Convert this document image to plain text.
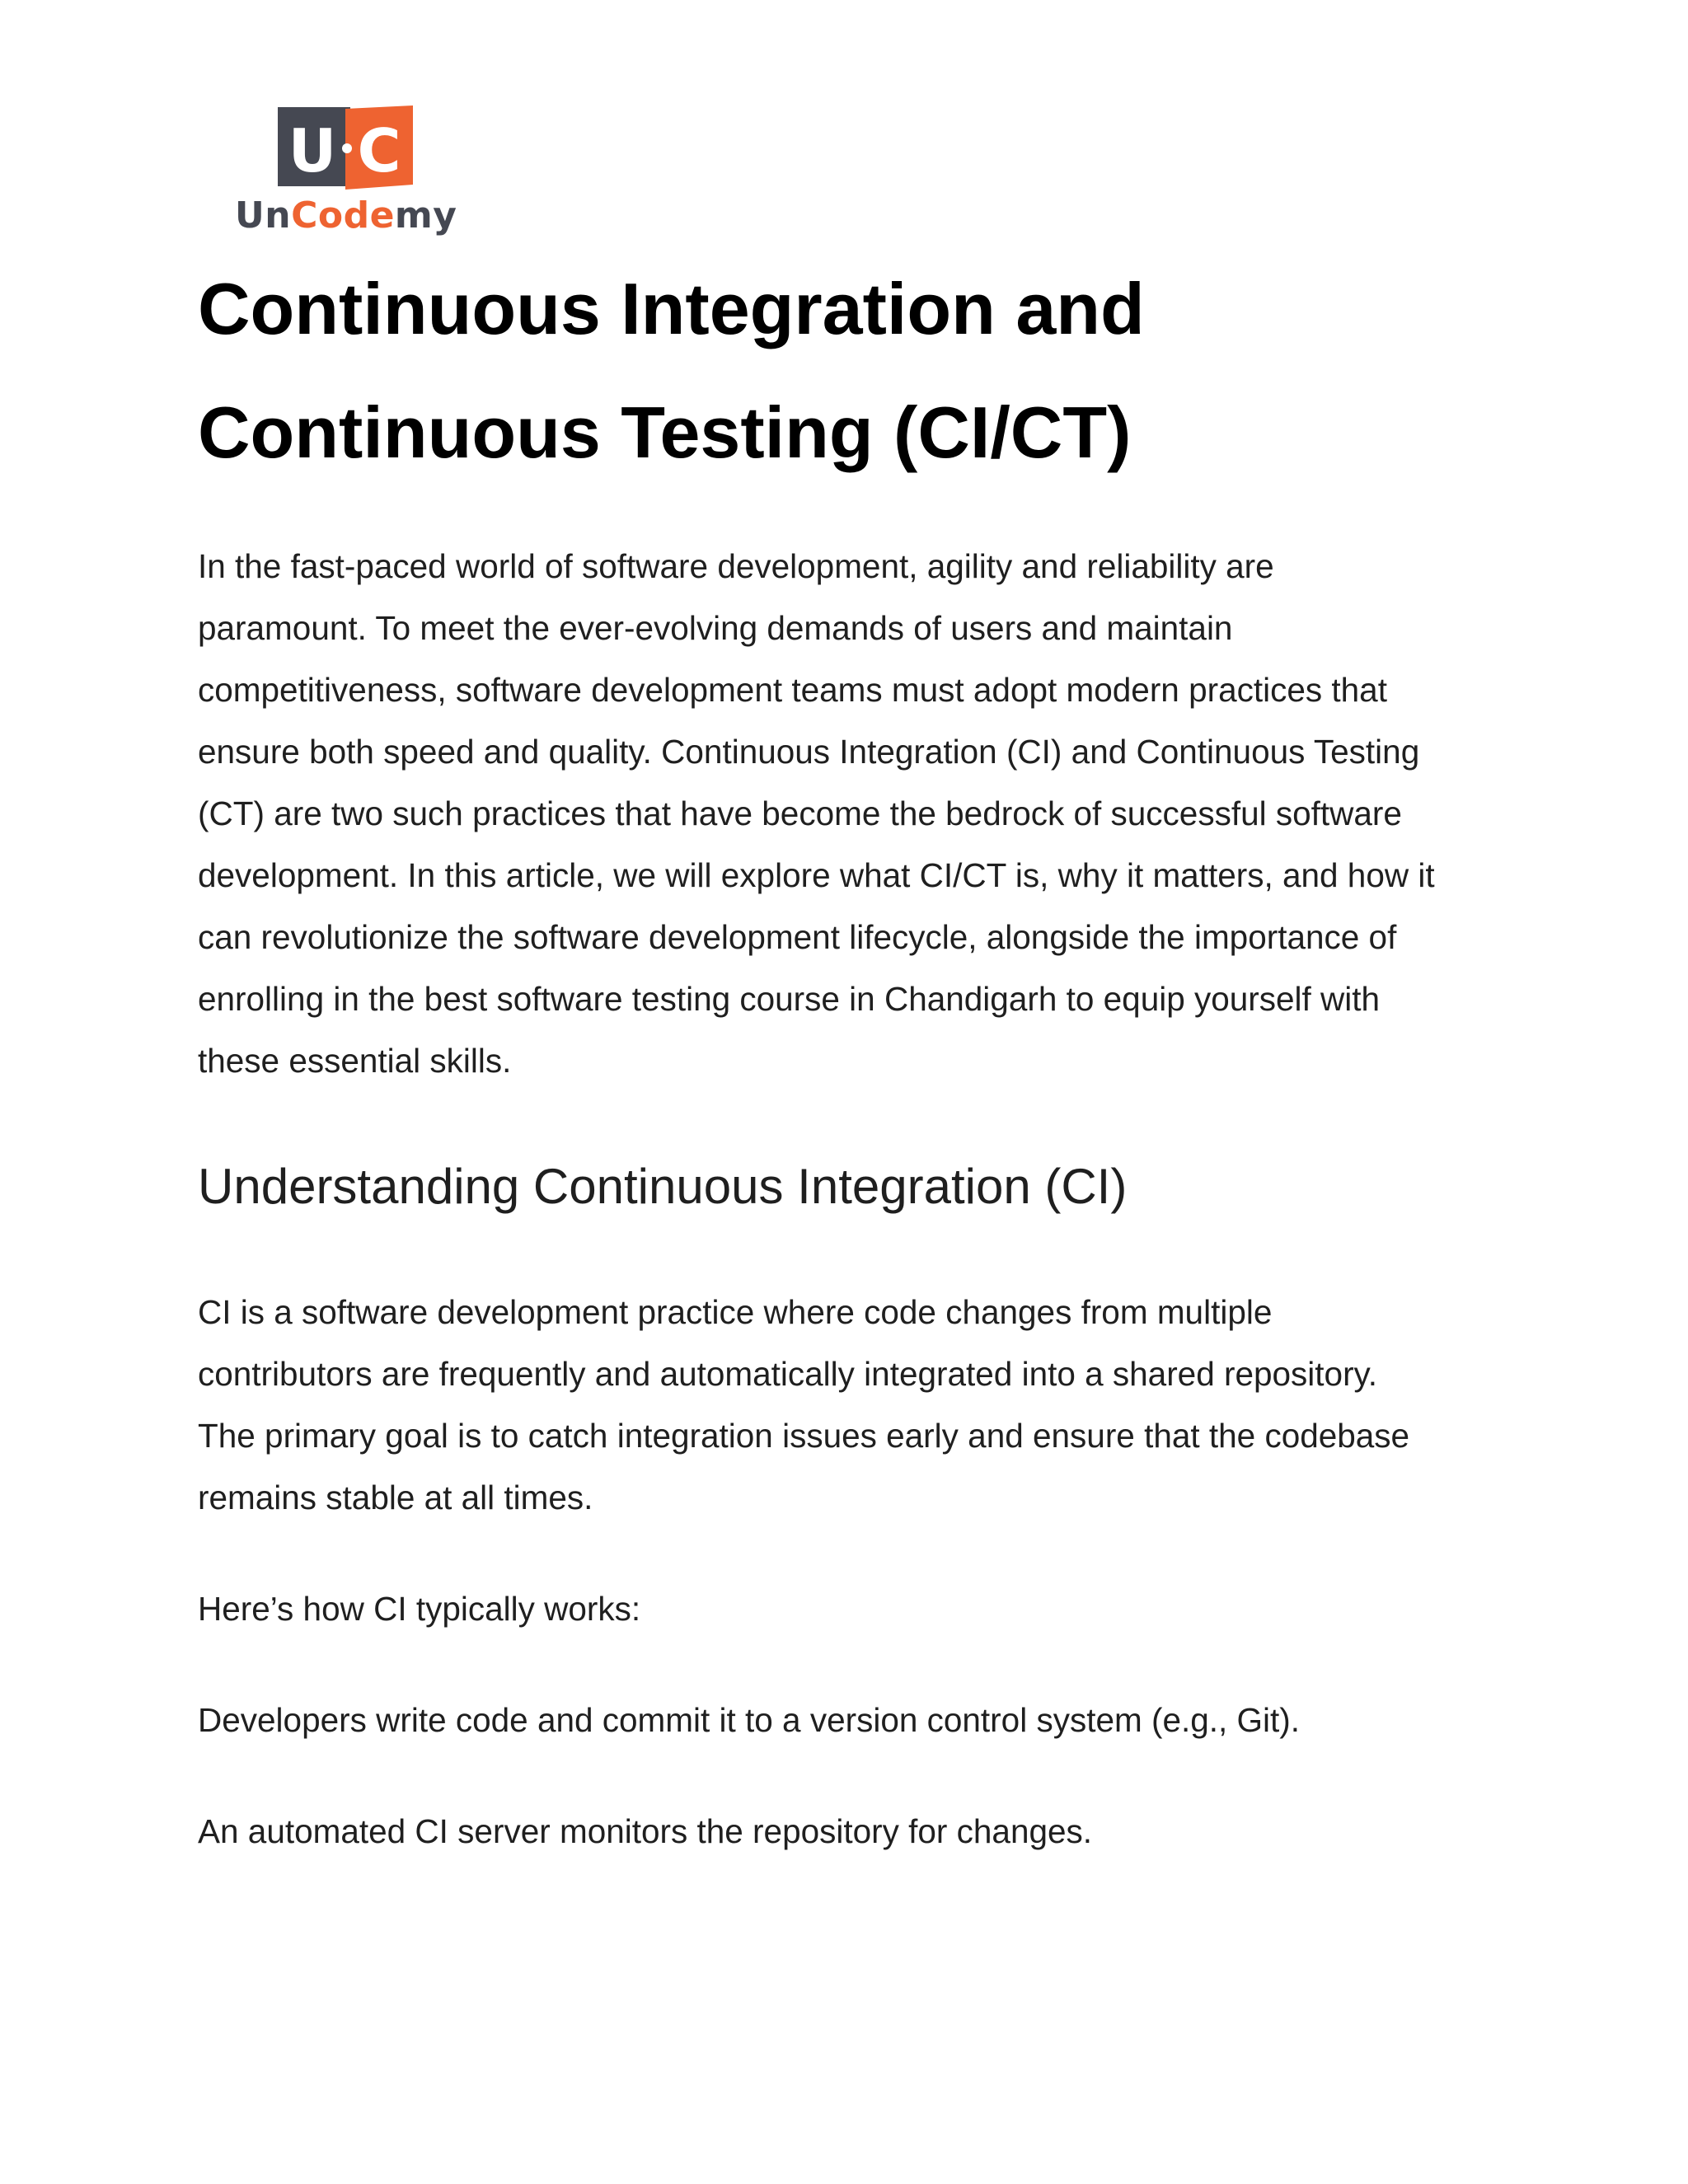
U C
UnCodemy
Continuous Integration and
Continuous Testing (CI/CT)

In the fast-paced world of software development, agility and reliability are
paramount. To meet the ever-evolving demands of users and maintain
competitiveness, software development teams must adopt modern practices that
ensure both speed and quality. Continuous Integration (CI) and Continuous Testing
(CT) are two such practices that have become the bedrock of successful software
development. In this article, we will explore what CI/CT is, why it matters, and how it
can revolutionize the software development lifecycle, alongside the importance of
enrolling in the best software testing course in Chandigarh to equip yourself with
these essential skills.

Understanding Continuous Integration (CI)

CI is a software development practice where code changes from multiple
contributors are frequently and automatically integrated into a shared repository.
The primary goal is to catch integration issues early and ensure that the codebase
remains stable at all times.

Here’s how CI typically works:

Developers write code and commit it to a version control system (e.g., Git).

An automated CI server monitors the repository for changes.
